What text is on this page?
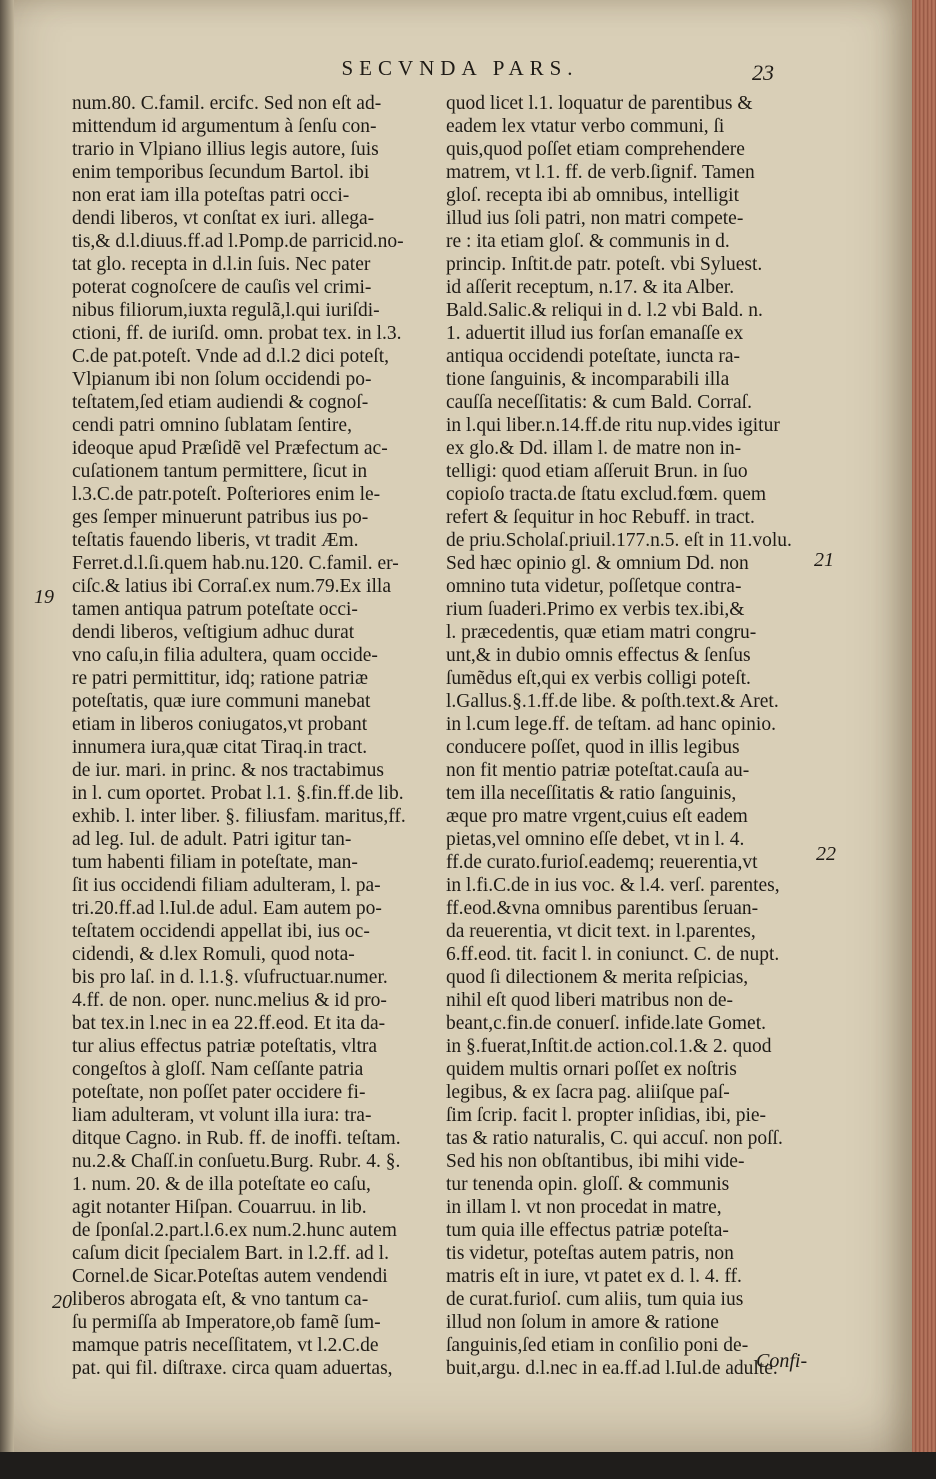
SECVNDA PARS.	23
num.80. C.famil. ercifc. Sed non eſt ad-
mittendum id argumentum à ſenſu con-
trario in Vlpiano illius legis autore, ſuis
enim temporibus ſecundum Bartol. ibi
non erat iam illa poteſtas patri occi-
dendi liberos, vt conſtat ex iuri. allega-
tis,& d.l.diuus.ff.ad l.Pomp.de parricid.no-
tat glo. recepta in d.l.in ſuis. Nec pater
poterat cognoſcere de cauſis vel crimi-
nibus filiorum,iuxta regulã,l.qui iuriſdi-
ctioni, ff. de iuriſd. omn. probat tex. in l.3.
C.de pat.poteſt. Vnde ad d.l.2 dici poteſt,
Vlpianum ibi non ſolum occidendi po-
teſtatem,ſed etiam audiendi & cognoſ-
cendi patri omnino ſublatam ſentire,
ideoque apud Præſidẽ vel Præfectum ac-
cuſationem tantum permittere, ſicut in
l.3.C.de patr.poteſt. Poſteriores enim le-
ges ſemper minuerunt patribus ius po-
teſtatis fauendo liberis, vt tradit Æm.
Ferret.d.l.ſi.quem hab.nu.120. C.famil. er-
ciſc.& latius ibi Corraſ.ex num.79.Ex illa
tamen antiqua patrum poteſtate occi-
dendi liberos, veſtigium adhuc durat
vno caſu,in filia adultera, quam occide-
re patri permittitur, idq; ratione patriæ
poteſtatis, quæ iure communi manebat
etiam in liberos coniugatos,vt probant
innumera iura,quæ citat Tiraq.in tract.
de iur. mari. in princ. & nos tractabimus
in l. cum oportet. Probat l.1. §.fin.ff.de lib.
exhib. l. inter liber. §. filiusfam. maritus,ff.
ad leg. Iul. de adult. Patri igitur tan-
tum habenti filiam in poteſtate, man-
ſit ius occidendi filiam adulteram, l. pa-
tri.20.ff.ad l.Iul.de adul. Eam autem po-
teſtatem occidendi appellat ibi, ius oc-
cidendi, & d.lex Romuli, quod nota-
bis pro laſ. in d. l.1.§. vſufructuar.numer.
4.ff. de non. oper. nunc.melius & id pro-
bat tex.in l.nec in ea 22.ff.eod. Et ita da-
tur alius effectus patriæ poteſtatis, vltra
congeſtos à gloſſ. Nam ceſſante patria
poteſtate, non poſſet pater occidere fi-
liam adulteram, vt volunt illa iura: tra-
ditque Cagno. in Rub. ff. de inoffi. teſtam.
nu.2.& Chaſſ.in conſuetu.Burg. Rubr. 4. §.
1. num. 20. & de illa poteſtate eo caſu,
agit notanter Hiſpan. Couarruu. in lib.
de ſponſal.2.part.l.6.ex num.2.hunc autem
caſum dicit ſpecialem Bart. in l.2.ff. ad l.
Cornel.de Sicar.Poteſtas autem vendendi
liberos abrogata eſt, & vno tantum ca-
ſu permiſſa ab Imperatore,ob famẽ ſum-
mamque patris neceſſitatem, vt l.2.C.de
pat. qui fil. diſtraxe. circa quam aduertas,
quod licet l.1. loquatur de parentibus &
eadem lex vtatur verbo communi, ſi
quis,quod poſſet etiam comprehendere
matrem, vt l.1. ff. de verb.ſignif. Tamen
gloſ. recepta ibi ab omnibus, intelligit
illud ius ſoli patri, non matri compete-
re : ita etiam gloſ. & communis in d.
princip. Inſtit.de patr. poteſt. vbi Syluest.
id aſſerit receptum, n.17. & ita Alber.
Bald.Salic.& reliqui in d. l.2 vbi Bald. n.
1. aduertit illud ius forſan emanaſſe ex
antiqua occidendi poteſtate, iuncta ra-
tione ſanguinis, & incomparabili illa
cauſſa neceſſitatis: & cum Bald. Corraſ.
in l.qui liber.n.14.ff.de ritu nup.vides igitur
ex glo.& Dd. illam l. de matre non in-
telligi: quod etiam aſſeruit Brun. in ſuo
copioſo tracta.de ſtatu exclud.fœm. quem
refert & ſequitur in hoc Rebuff. in tract.
de priu.Scholaſ.priuil.177.n.5. eſt in 11.volu.
Sed hæc opinio gl. & omnium Dd. non
omnino tuta videtur, poſſetque contra-
rium ſuaderi.Primo ex verbis tex.ibi,&
l. præcedentis, quæ etiam matri congru-
unt,& in dubio omnis effectus & ſenſus
ſumẽdus eſt,qui ex verbis colligi poteſt.
l.Gallus.§.1.ff.de libe. & poſth.text.& Aret.
in l.cum lege.ff. de teſtam. ad hanc opinio.
conducere poſſet, quod in illis legibus
non fit mentio patriæ poteſtat.cauſa au-
tem illa neceſſitatis & ratio ſanguinis,
æque pro matre vrgent,cuius eſt eadem
pietas,vel omnino eſſe debet, vt in l. 4.
ff.de curato.furioſ.eademq; reuerentia,vt
in l.fi.C.de in ius voc. & l.4. verſ. parentes,
ff.eod.&vna omnibus parentibus ſeruan-
da reuerentia, vt dicit text. in l.parentes,
6.ff.eod. tit. facit l. in coniunct. C. de nupt.
quod ſi dilectionem & merita reſpicias,
nihil eſt quod liberi matribus non de-
beant,c.fin.de conuerſ. infide.late Gomet.
in §.fuerat,Inſtit.de action.col.1.& 2. quod
quidem multis ornari poſſet ex noſtris
legibus, & ex ſacra pag. aliiſque paſ-
ſim ſcrip. facit l. propter inſidias, ibi, pie-
tas & ratio naturalis, C. qui accuſ. non poſſ.
Sed his non obſtantibus, ibi mihi vide-
tur tenenda opin. gloſſ. & communis
in illam l. vt non procedat in matre,
tum quia ille effectus patriæ poteſta-
tis videtur, poteſtas autem patris, non
matris eſt in iure, vt patet ex d. l. 4. ff.
de curat.furioſ. cum aliis, tum quia ius
illud non ſolum in amore & ratione
ſanguinis,ſed etiam in conſilio poni de-
buit,argu. d.l.nec in ea.ff.ad l.Iul.de adulte.
19
20
21
22
Confi-
